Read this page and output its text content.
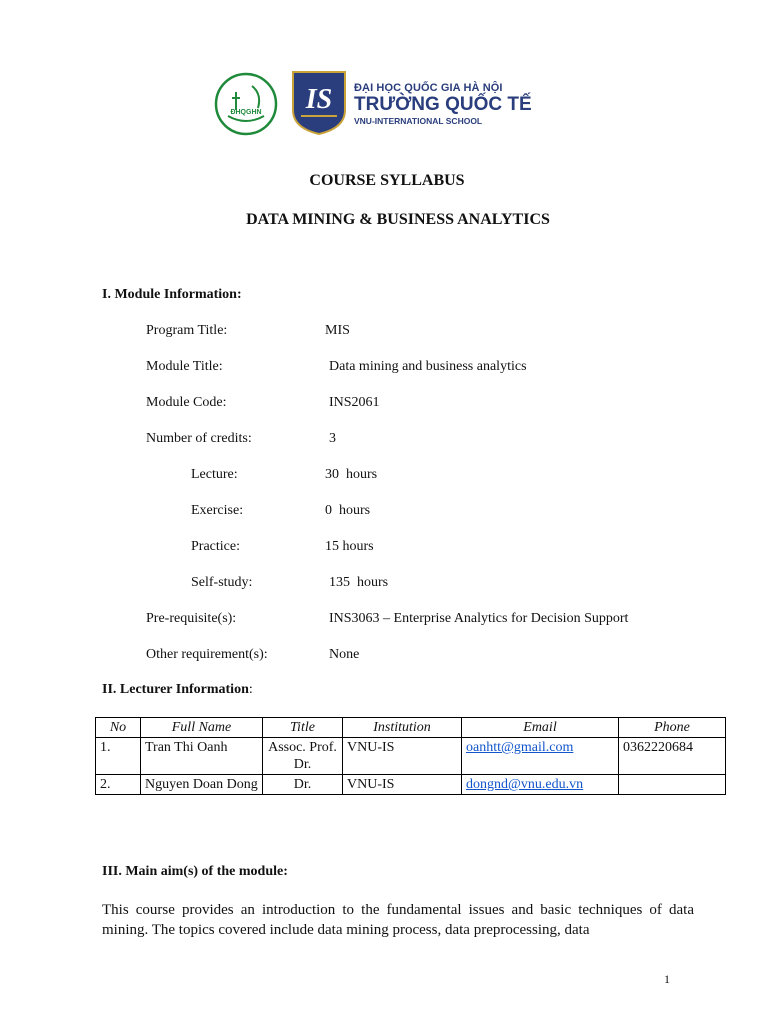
ĐHQGHN IS ĐẠI HỌC QUỐC GIA HÀ NỘI
TRƯỜNG QUỐC TẾ
VNU-INTERNATIONAL SCHOOL
COURSE SYLLABUS
DATA MINING & BUSINESS ANALYTICS
I. Module Information:
Program Title:	MIS
Module Title:	Data mining and business analytics
Module Code:	INS2061
Number of credits:	3
Lecture:	30  hours
Exercise:	0  hours
Practice:	15 hours
Self-study:	135  hours
Pre-requisite(s):	INS3063 – Enterprise Analytics for Decision Support
Other requirement(s):	None
II. Lecturer Information:
No	Full Name	Title	Institution	Email	Phone
1.	Tran Thi Oanh	Assoc. Prof. Dr.	VNU-IS	oanhtt@gmail.com	0362220684
2.	Nguyen Doan Dong	Dr.	VNU-IS	dongnd@vnu.edu.vn	
III. Main aim(s) of the module:
This course provides an introduction to the fundamental issues and basic techniques of data mining. The topics covered include data mining process, data preprocessing, data
1
